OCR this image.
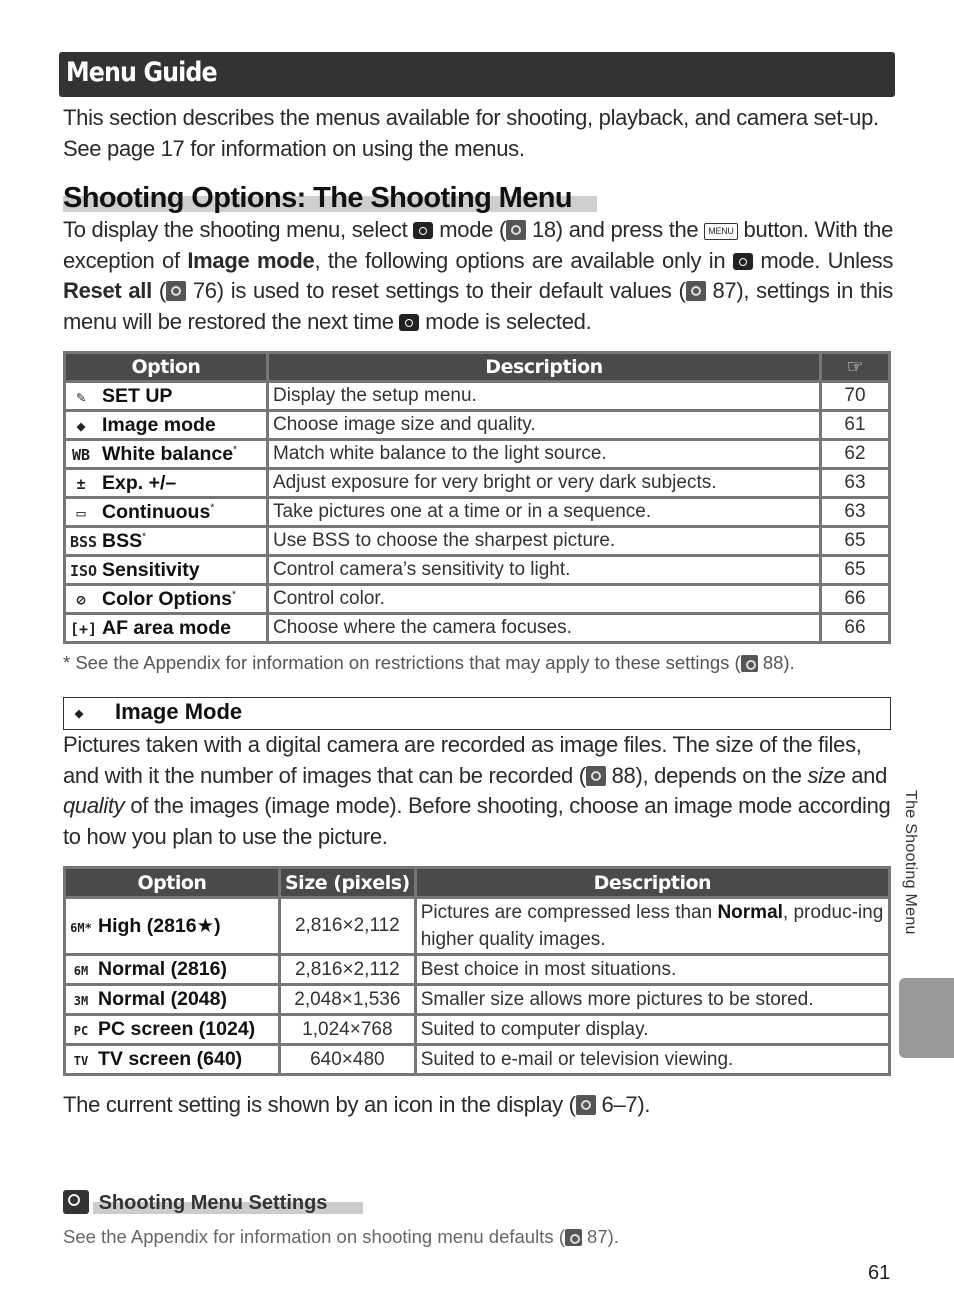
Menu Guide
This section describes the menus available for shooting, playback, and camera set-up. See page 17 for information on using the menus.
Shooting Options: The Shooting Menu
To display the shooting menu, select mode ( 18) and press the MENU button. With the exception of Image mode, the following options are available only in mode. Unless Reset all ( 76) is used to reset settings to their default values ( 87), settings in this menu will be restored the next time mode is selected.
Option	Description	☞
✎ SET UP	Display the setup menu.	70
◆ Image mode	Choose image size and quality.	61
WB White balance*	Match white balance to the light source.	62
± Exp. +/–	Adjust exposure for very bright or very dark subjects.	63
▭ Continuous*	Take pictures one at a time or in a sequence.	63
BSS BSS*	Use BSS to choose the sharpest picture.	65
ISO Sensitivity	Control camera’s sensitivity to light.	65
⊘ Color Options*	Control color.	66
[+] AF area mode	Choose where the camera focuses.	66
* See the Appendix for information on restrictions that may apply to these settings ( 88).
◆ Image Mode
Pictures taken with a digital camera are recorded as image files. The size of the files, and with it the number of images that can be recorded ( 88), depends on the size and quality of the images (image mode). Before shooting, choose an image mode according to how you plan to use the picture.
Option	Size (pixels)	Description
6M* High (2816★)	2,816×2,112	Pictures are compressed less than Normal, produc-ing higher quality images.
6M Normal (2816)	2,816×2,112	Best choice in most situations.
3M Normal (2048)	2,048×1,536	Smaller size allows more pictures to be stored.
PC PC screen (1024)	1,024×768	Suited to computer display.
TV TV screen (640)	640×480	Suited to e-mail or television viewing.
The current setting is shown by an icon in the display ( 6–7).
The Shooting Menu
Shooting Menu Settings
See the Appendix for information on shooting menu defaults ( 87).
61
